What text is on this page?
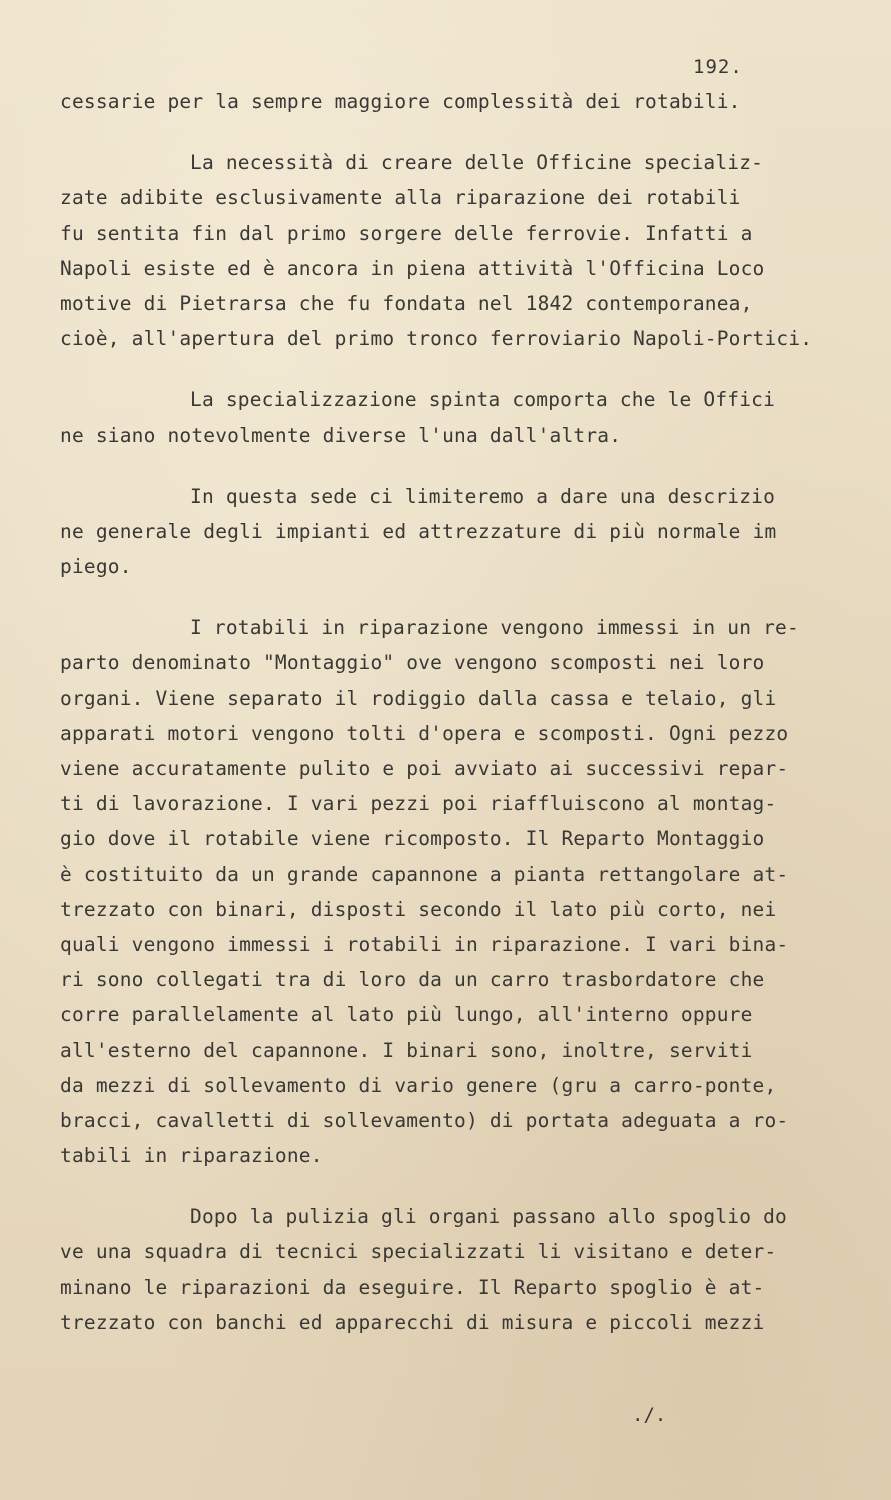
192.
cessarie per la sempre maggiore complessità dei rotabili.
La necessità di creare delle Officine specializ-
zate adibite esclusivamente alla riparazione dei rotabili
fu sentita fin dal primo sorgere delle ferrovie. Infatti a
Napoli esiste ed è ancora in piena attività l'Officina Loco
motive di Pietrarsa che fu fondata nel 1842 contemporanea,
cioè, all'apertura del primo tronco ferroviario Napoli-Portici.
La specializzazione spinta comporta che le Offici
ne siano notevolmente diverse l'una dall'altra.
In questa sede ci limiteremo a dare una descrizio
ne generale degli impianti ed attrezzature di più normale im
piego.
I rotabili in riparazione vengono immessi in un re-
parto denominato "Montaggio" ove vengono scomposti nei loro
organi. Viene separato il rodiggio dalla cassa e telaio, gli
apparati motori vengono tolti d'opera e scomposti. Ogni pezzo
viene accuratamente pulito e poi avviato ai successivi repar-
ti di lavorazione. I vari pezzi poi riaffluiscono al montag-
gio dove il rotabile viene ricomposto. Il Reparto Montaggio
è costituito da un grande capannone a pianta rettangolare at-
trezzato con binari, disposti secondo il lato più corto, nei
quali vengono immessi i rotabili in riparazione. I vari bina-
ri sono collegati tra di loro da un carro trasbordatore che
corre parallelamente al lato più lungo, all'interno oppure
all'esterno del capannone. I binari sono, inoltre, serviti
da mezzi di sollevamento di vario genere (gru a carro-ponte,
bracci, cavalletti di sollevamento) di portata adeguata a ro-
tabili in riparazione.
Dopo la pulizia gli organi passano allo spoglio do
ve una squadra di tecnici specializzati li visitano e deter-
minano le riparazioni da eseguire. Il Reparto spoglio è at-
trezzato con banchi ed apparecchi di misura e piccoli mezzi
./.
